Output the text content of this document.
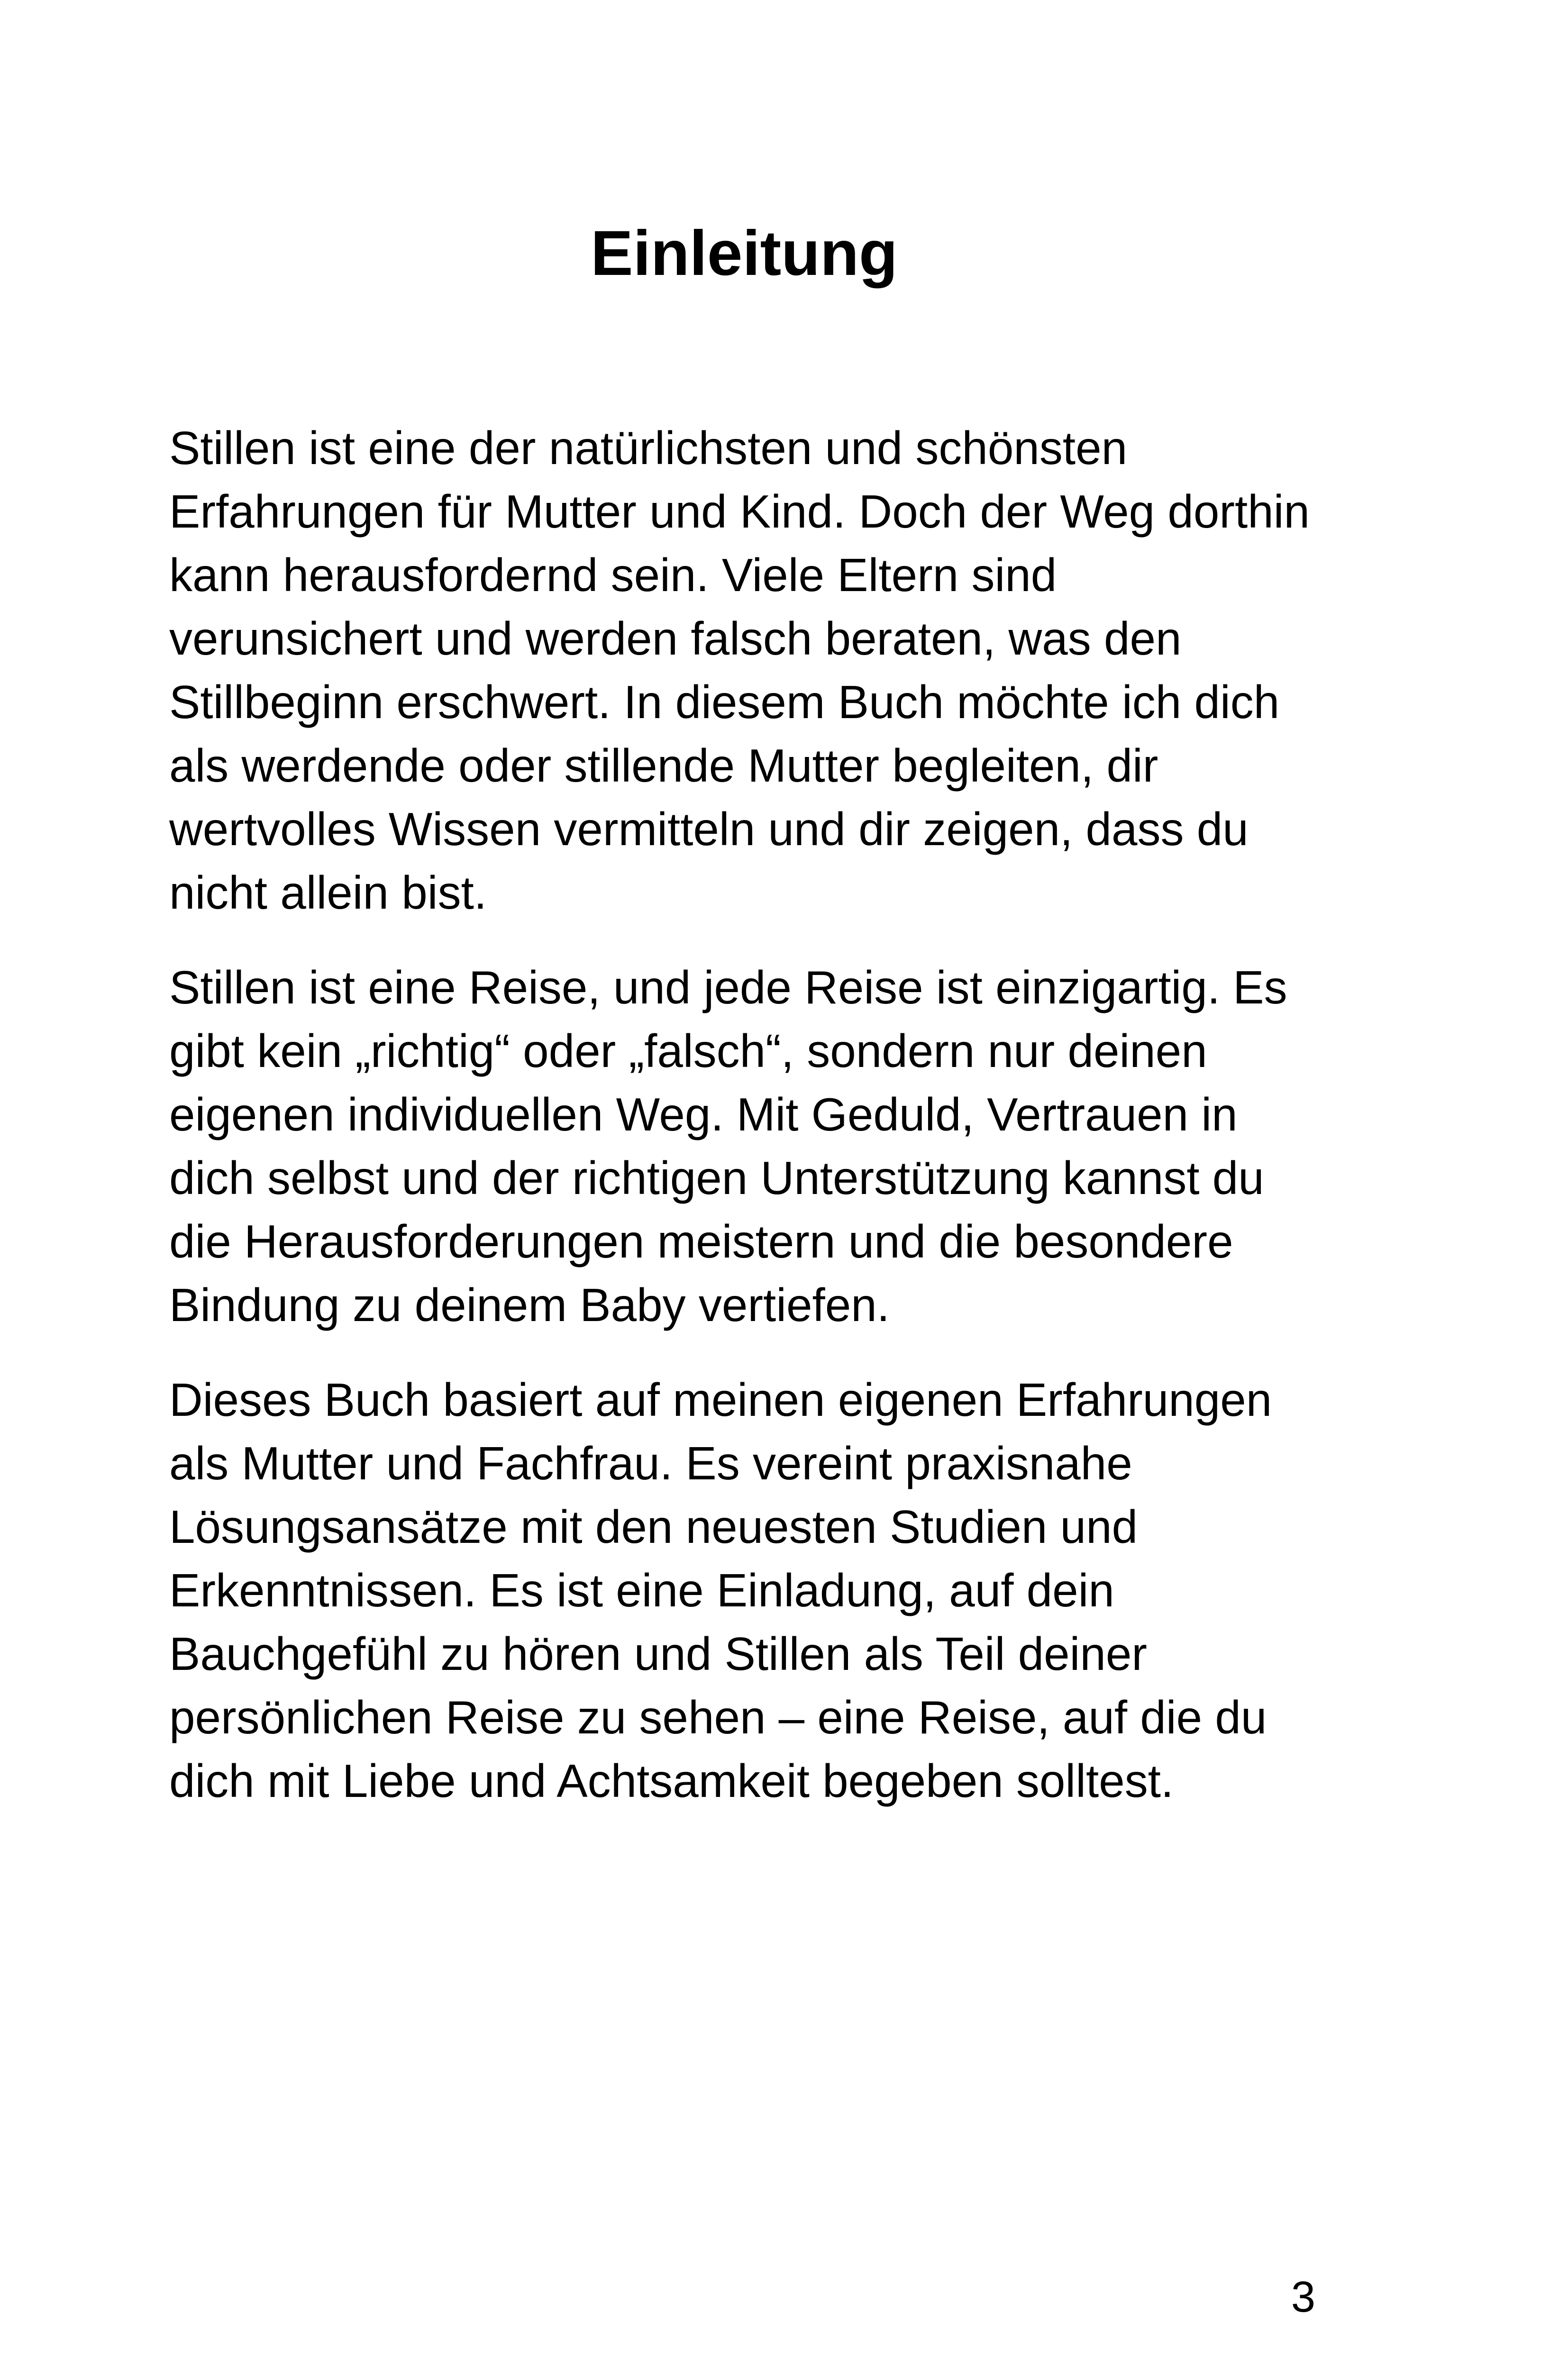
Einleitung

Stillen ist eine der natürlichsten und schönsten Erfahrungen für Mutter und Kind. Doch der Weg dorthin kann herausfordernd sein. Viele Eltern sind verunsichert und werden falsch beraten, was den Stillbeginn erschwert. In diesem Buch möchte ich dich als werdende oder stillende Mutter begleiten, dir wertvolles Wissen vermitteln und dir zeigen, dass du nicht allein bist.

Stillen ist eine Reise, und jede Reise ist einzigartig. Es gibt kein „richtig“ oder „falsch“, sondern nur deinen eigenen individuellen Weg. Mit Geduld, Vertrauen in dich selbst und der richtigen Unterstützung kannst du die Herausforderungen meistern und die besondere Bindung zu deinem Baby vertiefen.

Dieses Buch basiert auf meinen eigenen Erfahrungen als Mutter und Fachfrau. Es vereint praxisnahe Lösungsansätze mit den neuesten Studien und Erkenntnissen. Es ist eine Einladung, auf dein Bauchgefühl zu hören und Stillen als Teil deiner persönlichen Reise zu sehen – eine Reise, auf die du dich mit Liebe und Achtsamkeit begeben solltest.

3
